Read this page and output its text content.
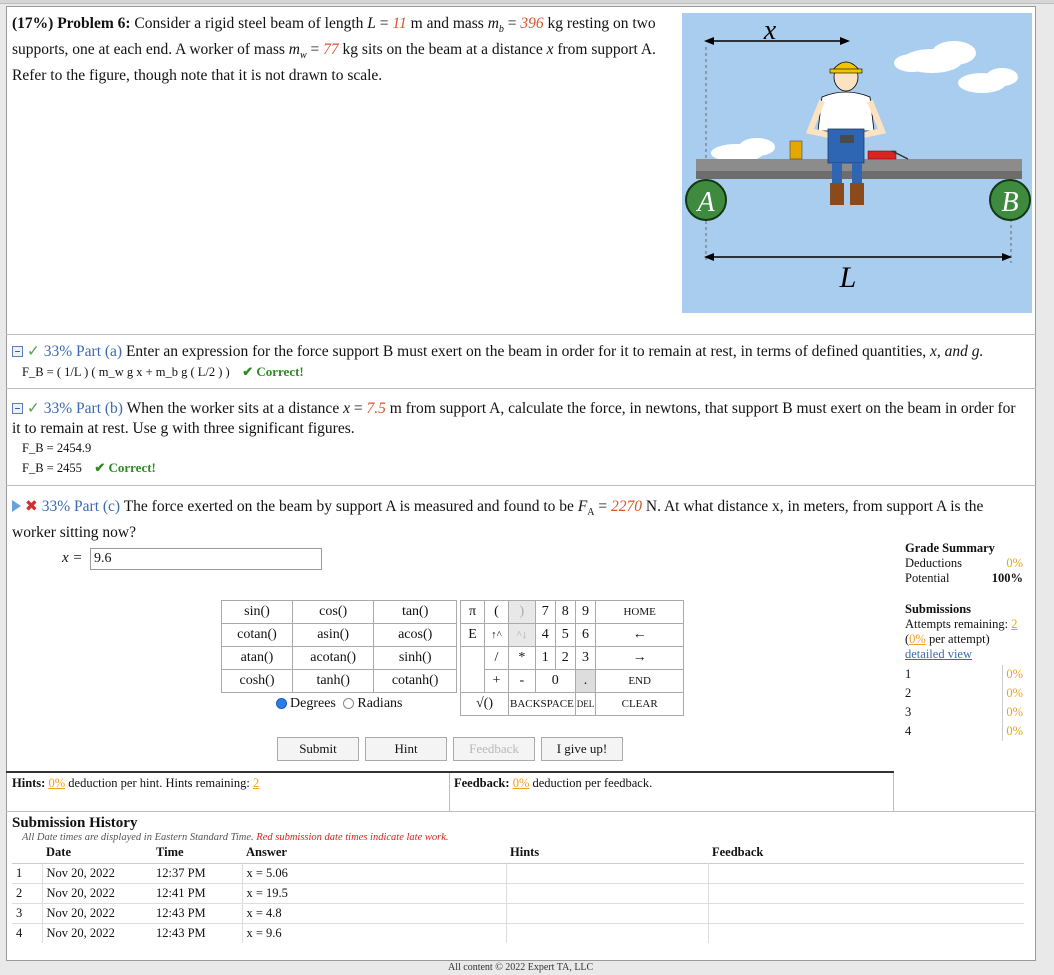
(17%) Problem 6: Consider a rigid steel beam of length L = 11 m and mass $m_b = 396$ kg resting on two supports, one at each end. A worker of mass $m_w = 77$ kg sits on the beam at a distance x from support A. Refer to the figure, though note that it is not drawn to scale.
A	B
x
L
✓ 33% Part (a) Enter an expression for the force support B must exert on the beam in order for it to remain at rest, in terms of defined quantities, x, and g.
F_B = ( 1/L ) ( m_w g x + m_b g ( L/2 ) ) ✔ Correct!
✓ 33% Part (b) When the worker sits at a distance x = 7.5 m from support A, calculate the force, in newtons, that support B must exert on the beam in order for it to remain at rest. Use g with three significant figures.
F_B = 2454.9
F_B = 2455 ✔ Correct!
✖ 33% Part (c) The force exerted on the beam by support A is measured and found to be $F_A = 2270$ N. At what distance x, in meters, from support A is the worker sitting now?
x = 9.6
sin()	cos()	tan()
cotan()	asin()	acos()
atan()	acotan()	sinh()
cosh()	tanh()	cotanh()
Degrees Radians		
π	(	)	7	8	9	HOME
E	↑^	^↓	4	5	6	←
	/	*	1	2	3	→
	+	-	0		.	END
√()		BACKSPACE			DEL	CLEAR
Submit	Hint	Feedback	I give up!
Hints: 0% deduction per hint. Hints remaining: 2	Feedback: 0% deduction per feedback.
Grade Summary
Deductions	0%
Potential	100%
Submissions
Attempts remaining: 2
(0% per attempt)
detailed view
1	0%
2	0%
3	0%
4	0%
Submission History
All Date times are displayed in Eastern Standard Time. Red submission date times indicate late work.
	Date	Time	Answer	Hints	Feedback
1	Nov 20, 2022	12:37 PM	x = 5.06		
2	Nov 20, 2022	12:41 PM	x = 19.5		
3	Nov 20, 2022	12:43 PM	x = 4.8		
4	Nov 20, 2022	12:43 PM	x = 9.6		
All content © 2022 Expert TA, LLC
